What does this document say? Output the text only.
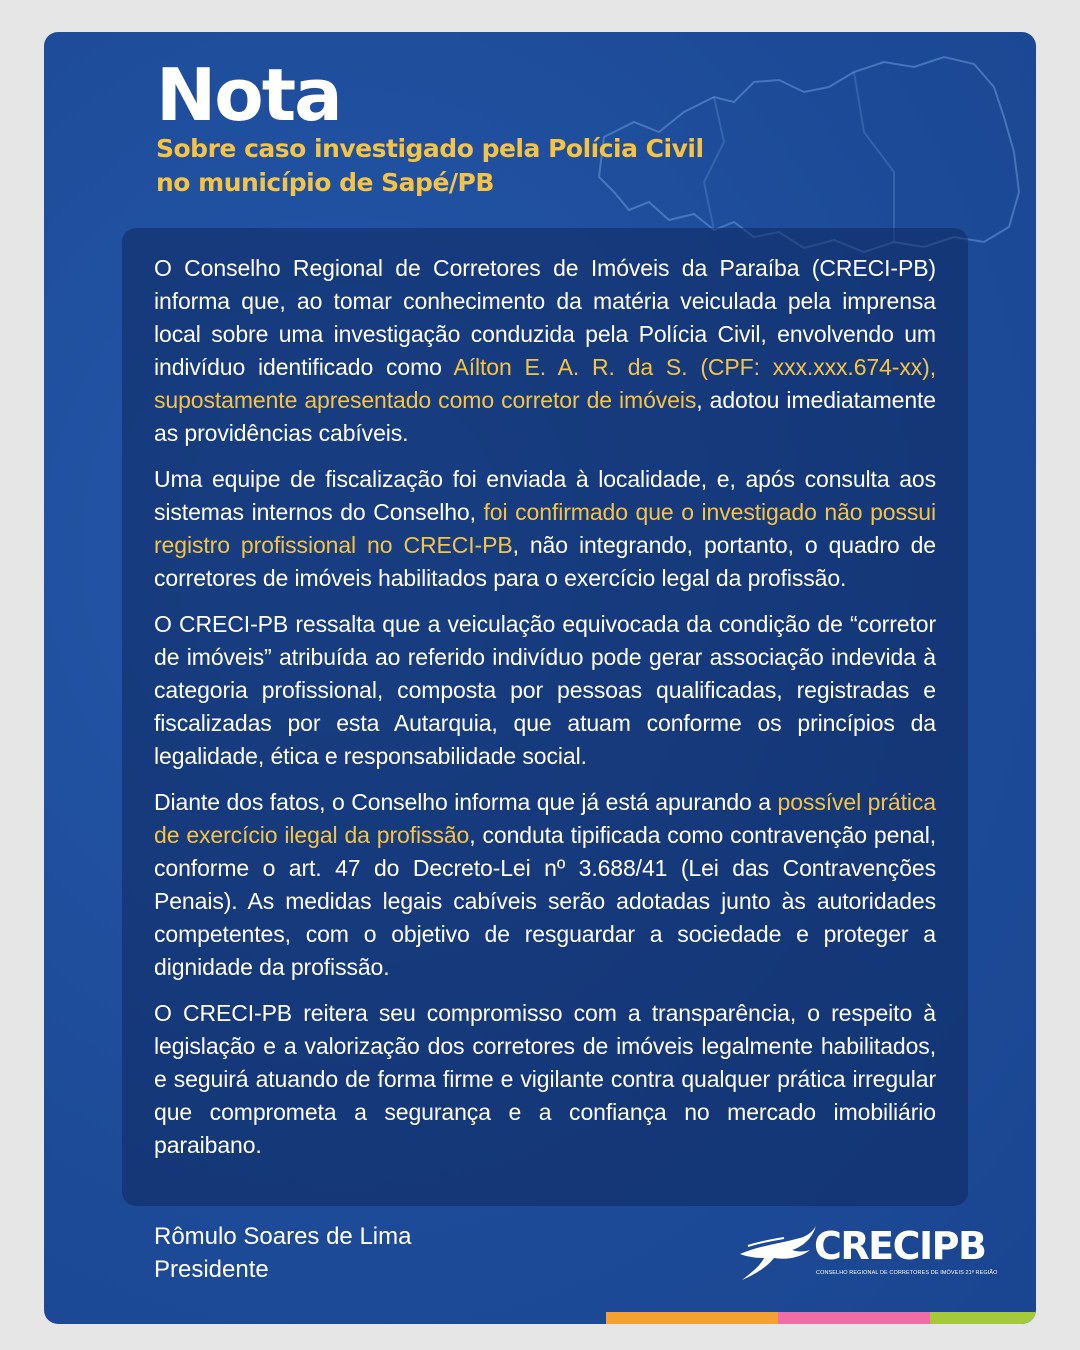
Nota
Sobre caso investigado pela Polícia Civil
no município de Sapé/PB

O Conselho Regional de Corretores de Imóveis da Paraíba (CRECI-PB) informa que, ao tomar conhecimento da matéria veiculada pela imprensa local sobre uma investigação conduzida pela Polícia Civil, envolvendo um indivíduo identificado como Aílton E. A. R. da S. (CPF: xxx.xxx.674-xx), supostamente apresentado como corretor de imóveis, adotou imediatamente as providências cabíveis.

Uma equipe de fiscalização foi enviada à localidade, e, após consulta aos sistemas internos do Conselho, foi confirmado que o investigado não possui registro profissional no CRECI-PB, não integrando, portanto, o quadro de corretores de imóveis habilitados para o exercício legal da profissão.

O CRECI-PB ressalta que a veiculação equivocada da condição de “corretor de imóveis” atribuída ao referido indivíduo pode gerar associação indevida à categoria profissional, composta por pessoas qualificadas, registradas e fiscalizadas por esta Autarquia, que atuam conforme os princípios da legalidade, ética e responsabilidade social.

Diante dos fatos, o Conselho informa que já está apurando a possível prática de exercício ilegal da profissão, conduta tipificada como contravenção penal, conforme o art. 47 do Decreto-Lei nº 3.688/41 (Lei das Contravenções Penais). As medidas legais cabíveis serão adotadas junto às autoridades competentes, com o objetivo de resguardar a sociedade e proteger a dignidade da profissão.

O CRECI-PB reitera seu compromisso com a transparência, o respeito à legislação e a valorização dos corretores de imóveis legalmente habilitados, e seguirá atuando de forma firme e vigilante contra qualquer prática irregular que comprometa a segurança e a confiança no mercado imobiliário paraibano.

Rômulo Soares de Lima
Presidente
CRECIPB
CONSELHO REGIONAL DE CORRETORES DE IMÓVEIS 21ª REGIÃO
